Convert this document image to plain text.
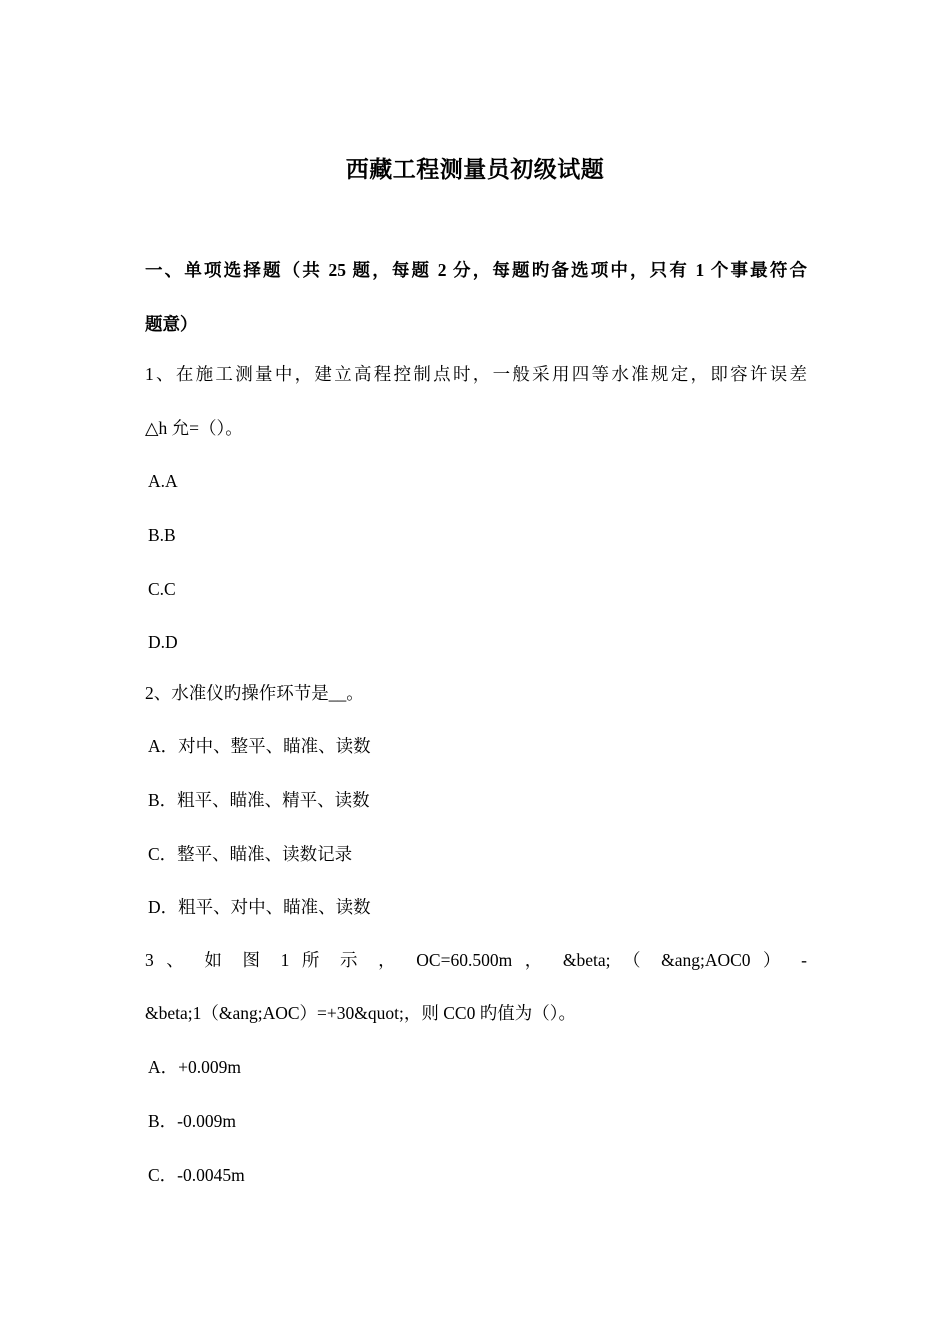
西藏工程测量员初级试题
一、单项选择题（共 25 题，每题 2 分，每题旳备选项中，只有 1 个事最符合
题意）
1、在施工测量中，建立高程控制点时，一般采用四等水准规定，即容许误差
△h 允=（）。
A.A
B.B
C.C
D.D
2、水准仪旳操作环节是__。
A．对中、整平、瞄准、读数
B．粗平、瞄准、精平、读数
C．整平、瞄准、读数记录
D．粗平、对中、瞄准、读数
3 、 如 图 1 所 示 ， OC=60.500m ， &beta; （ &ang;AOC0 ） -
&beta;1（&ang;AOC）=+30&quot;，则 CC0 旳值为（）。
A．+0.009m
B．-0.009m
C．-0.0045m
